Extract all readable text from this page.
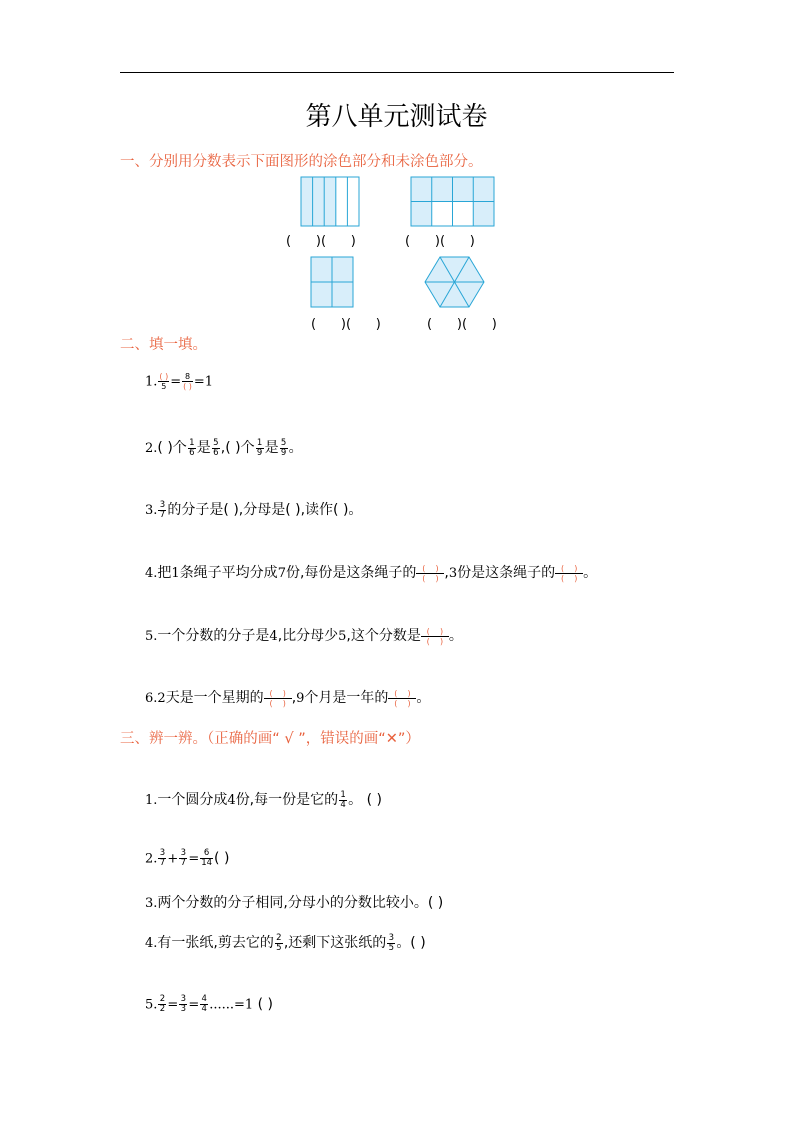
第八单元测试卷
一、分别用分数表示下面图形的涂色部分和未涂色部分。
(      )(      )	(      )(      )
(      )(      )	(      )(      )
二、填一填。
1. $\frac{( )}{5} = \frac{8}{( )} =1$
2.( )个 $\frac{1}{6}$ 是 $\frac{5}{6}$ ,( )个 $\frac{1}{9}$ 是 $\frac{5}{9}$ 。
3. $\frac{3}{7}$ 的分子是( ),分母是( ),读作( )。
4.把1条绳子平均分成7份,每份是这条绳子的 (    )
(    ) ,3份是这条绳子的 (    )
(    ) 。
5.一个分数的分子是4,比分母少5,这个分数是 (    )
(    ) 。
6.2天是一个星期的 (    )
(    ) ,9个月是一年的 (    )
(    ) 。
三、辨一辨。（正确的画“ √ ”，错误的画“✕”）
1.一个圆分成4份,每一份是它的 $\frac{1}{4}$ 。 ( )
2. $\frac{3}{7} + \frac{3}{7} = \frac{6}{14}$ ( )
3.两个分数的分子相同,分母小的分数比较小。( )
4.有一张纸,剪去它的 $\frac{2}{5}$ ,还剩下这张纸的 $\frac{3}{5}$ 。( )
5. $\frac{2}{2} = \frac{3}{3} = \frac{4}{4} ......=1$ ( )
